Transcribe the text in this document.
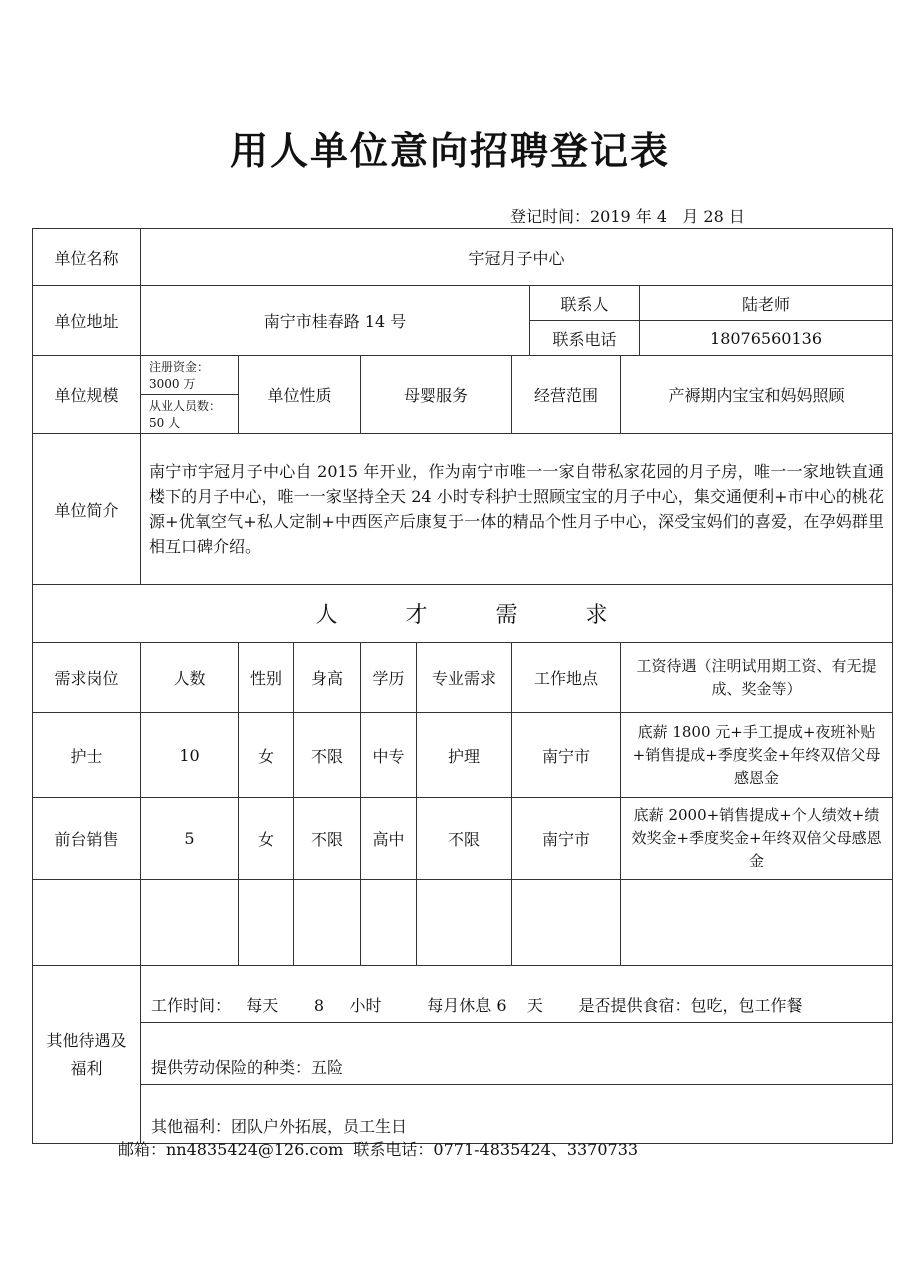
用人单位意向招聘登记表
登记时间：2019 年 4   月 28 日
单位名称	宇冠月子中心								
单位地址	南宁市桂春路 14 号						联系人		陆老师
							联系电话		18076560136
单位规模	注册资金：3000 万	单位性质		母婴服务		经营范围		产褥期内宝宝和妈妈照顾	
	从业人员数：50 人								
单位简介	南宁市宇冠月子中心自 2015 年开业，作为南宁市唯一一家自带私家花园的月子房，唯一一家地铁直通楼下的月子中心，唯一一家坚持全天 24 小时专科护士照顾宝宝的月子中心，集交通便利+市中心的桃花源+优氧空气+私人定制+中西医产后康复于一体的精品个性月子中心，深受宝妈们的喜爱，在孕妈群里相互口碑介绍。								
人 才 需 求									
需求岗位	人数	性别	身高	学历	专业需求	工作地点		工资待遇（注明试用期工资、有无提成、奖金等）	
护士	10	女	不限	中专	护理	南宁市		底薪 1800 元+手工提成+夜班补贴+销售提成+季度奖金+年终双倍父母感恩金	
前台销售	5	女	不限	高中	不限	南宁市		底薪 2000+销售提成+个人绩效+绩效奖金+季度奖金+年终双倍父母感恩金	

其他待遇及福利	工作时间：   每天       8     小时         每月休息 6    天       是否提供食宿：包吃，包工作餐								
	提供劳动保险的种类：五险								
	其他福利：团队户外拓展，员工生日								
邮箱：nn4835424@126.com  联系电话：0771-4835424、3370733
